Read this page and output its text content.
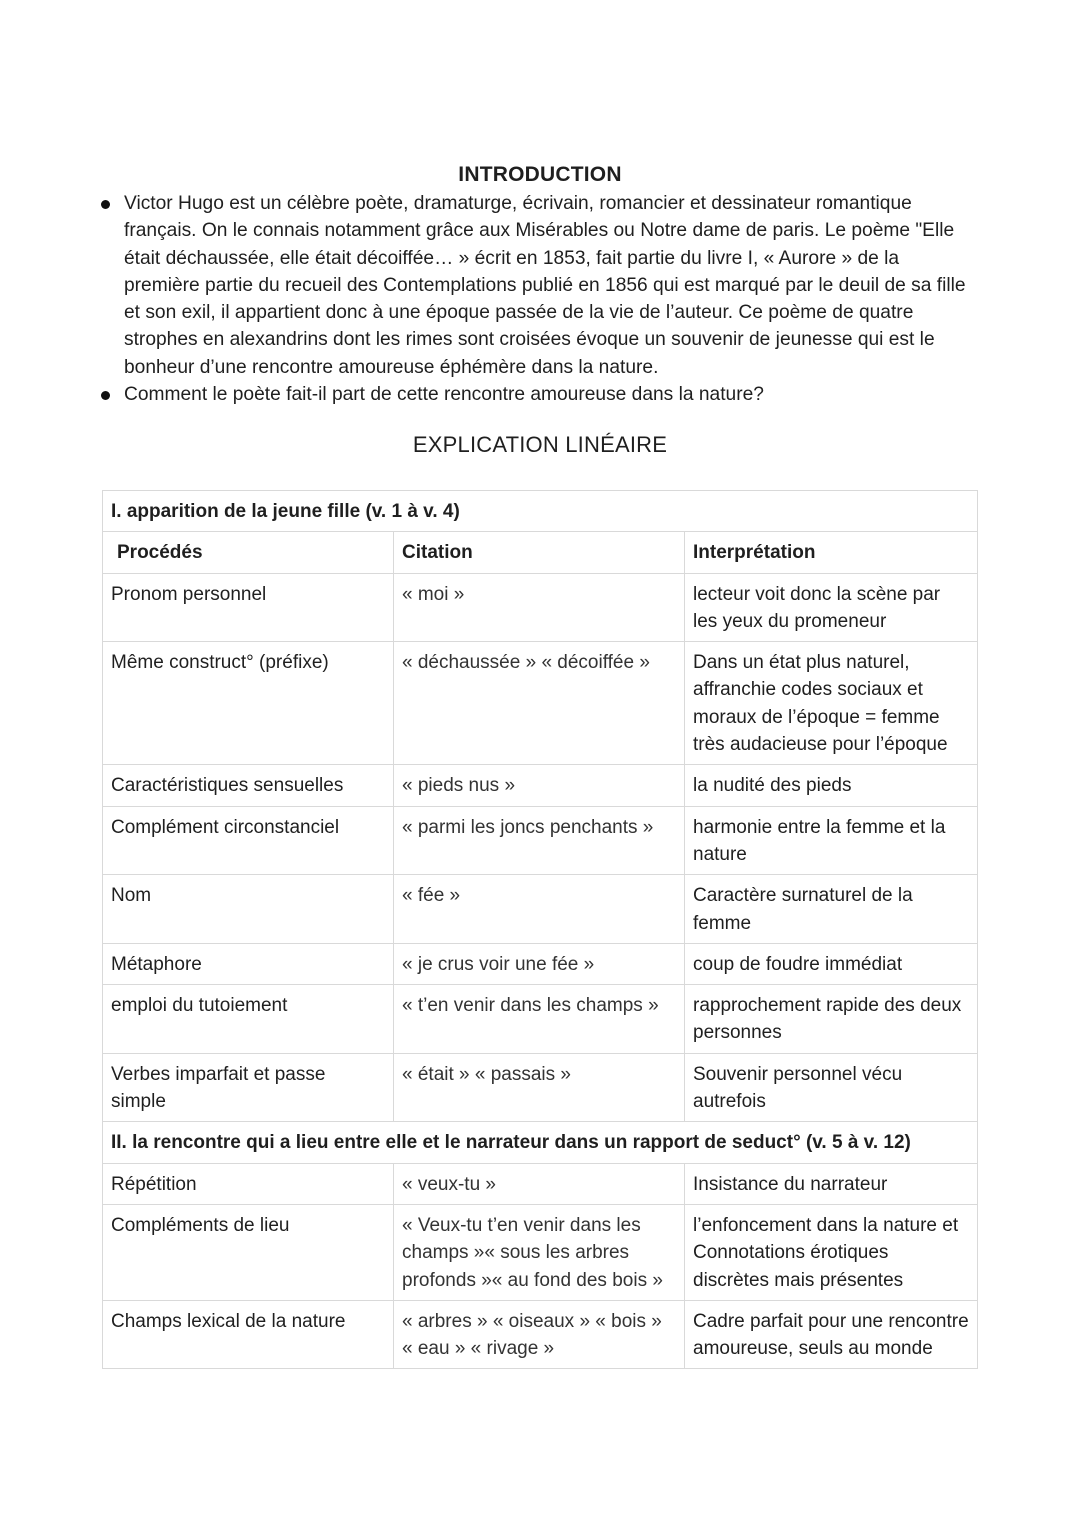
INTRODUCTION
Victor Hugo est un célèbre poète, dramaturge, écrivain, romancier et dessinateur romantique français. On le connais notamment grâce aux Misérables ou Notre dame de paris. Le poème "Elle était déchaussée, elle était décoiffée… » écrit en 1853, fait partie du livre I, « Aurore » de la première partie du recueil des Contemplations publié en 1856 qui est marqué par le deuil de sa fille et son exil, il appartient donc à une époque passée de la vie de l’auteur. Ce poème de quatre strophes en alexandrins dont les rimes sont croisées évoque un souvenir de jeunesse qui est le bonheur d’une rencontre amoureuse éphémère dans la nature.
Comment le poète fait-il part de cette rencontre amoureuse dans la nature?
EXPLICATION LINÉAIRE
I. apparition de la jeune fille (v. 1 à v. 4)		
Procédés	Citation	Interprétation
Pronom personnel	« moi »	lecteur voit donc la scène par les yeux du promeneur
Même construct° (préfixe)	« déchaussée » « décoiffée »	Dans un état plus naturel, affranchie codes sociaux et moraux de l’époque = femme très audacieuse pour l’époque
Caractéristiques sensuelles	« pieds nus »	la nudité des pieds
Complément circonstanciel	« parmi les joncs penchants »	harmonie entre la femme et la nature
Nom	« fée »	Caractère surnaturel de la femme
Métaphore	« je crus voir une fée »	coup de foudre immédiat
emploi du tutoiement	« t’en venir dans les champs »	rapprochement rapide des deux personnes
Verbes imparfait et passe simple	« était » « passais »	Souvenir personnel vécu autrefois
II. la rencontre qui a lieu entre elle et le narrateur dans un rapport de seduct° (v. 5 à v. 12)		
Répétition	« veux-tu »	Insistance du narrateur
Compléments de lieu	« Veux-tu t’en venir dans les champs »« sous les arbres profonds »« au fond des bois »	l’enfoncement dans la nature et Connotations érotiques discrètes mais présentes
Champs lexical de la nature	« arbres » « oiseaux » « bois » « eau » « rivage »	Cadre parfait pour une rencontre amoureuse, seuls au monde
